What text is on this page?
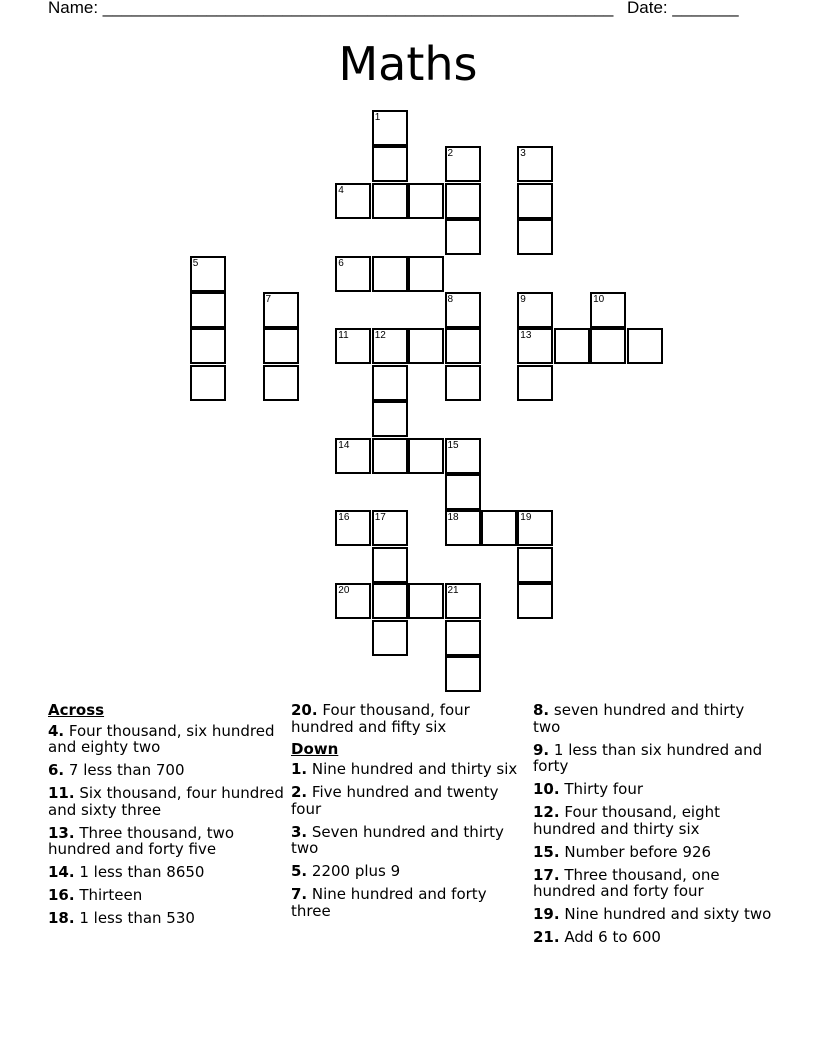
Name: ______________________________________________________ Date: _______
Maths
1
2	3
4
5	6
7	8	9	10
11	12	13
14	15
16	17	18	19
20	21
Across
4. Four thousand, six hundred and eighty two
6. 7 less than 700
11. Six thousand, four hundred and sixty three
13. Three thousand, two hundred and forty five
14. 1 less than 8650
16. Thirteen
18. 1 less than 530
20. Four thousand, four hundred and fifty six
Down
1. Nine hundred and thirty six
2. Five hundred and twenty four
3. Seven hundred and thirty two
5. 2200 plus 9
7. Nine hundred and forty three
8. seven hundred and thirty two
9. 1 less than six hundred and forty
10. Thirty four
12. Four thousand, eight hundred and thirty six
15. Number before 926
17. Three thousand, one hundred and forty four
19. Nine hundred and sixty two
21. Add 6 to 600
